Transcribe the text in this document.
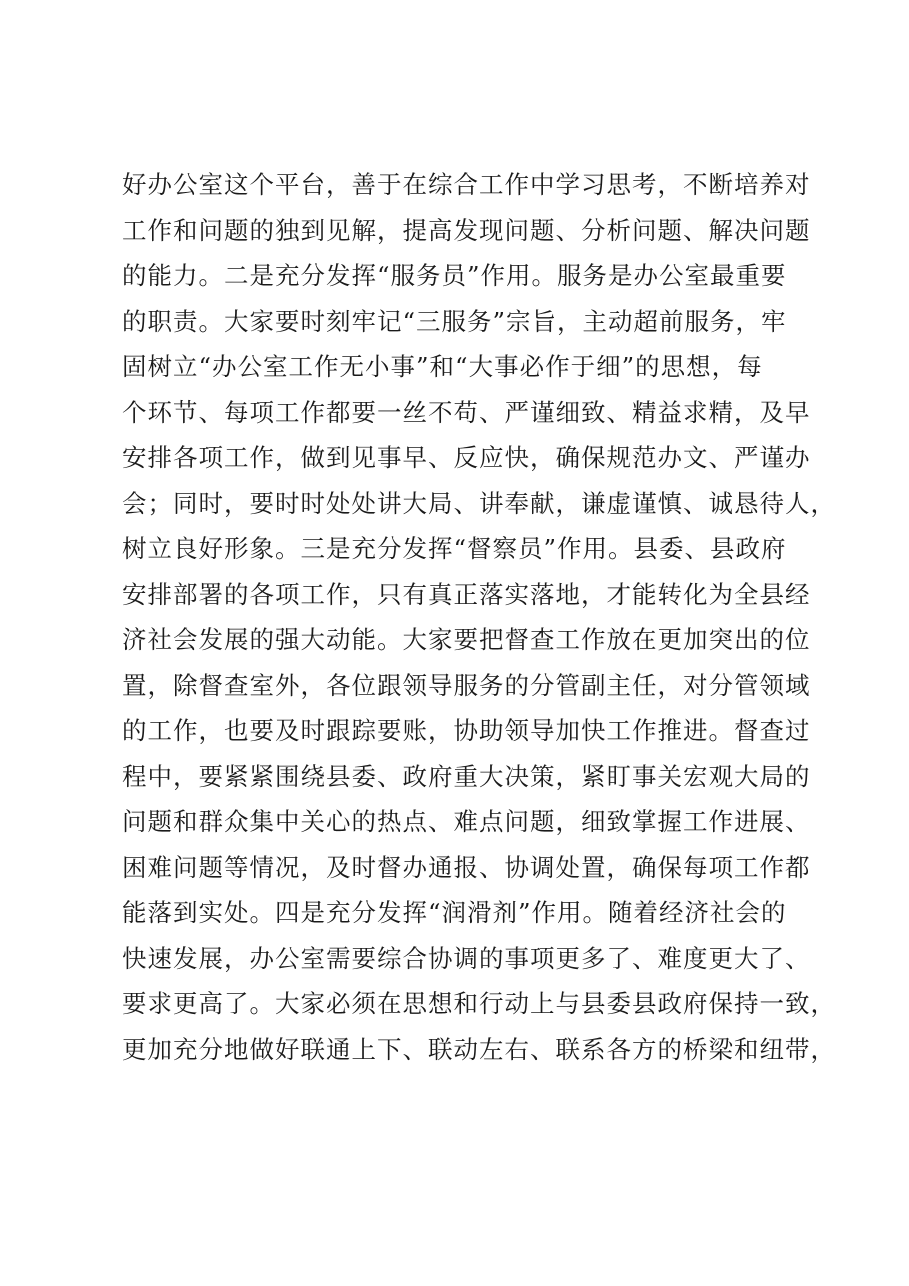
好办公室这个平台，善于在综合工作中学习思考，不断培养对
工作和问题的独到见解，提高发现问题、分析问题、解决问题
的能力。二是充分发挥“服务员”作用。服务是办公室最重要
的职责。大家要时刻牢记“三服务”宗旨，主动超前服务，牢
固树立“办公室工作无小事”和“大事必作于细”的思想，每
个环节、每项工作都要一丝不苟、严谨细致、精益求精，及早
安排各项工作，做到见事早、反应快，确保规范办文、严谨办
会；同时，要时时处处讲大局、讲奉献，谦虚谨慎、诚恳待人，
树立良好形象。三是充分发挥“督察员”作用。县委、县政府
安排部署的各项工作，只有真正落实落地，才能转化为全县经
济社会发展的强大动能。大家要把督查工作放在更加突出的位
置，除督查室外，各位跟领导服务的分管副主任，对分管领域
的工作，也要及时跟踪要账，协助领导加快工作推进。督查过
程中，要紧紧围绕县委、政府重大决策，紧盯事关宏观大局的
问题和群众集中关心的热点、难点问题，细致掌握工作进展、
困难问题等情况，及时督办通报、协调处置，确保每项工作都
能落到实处。四是充分发挥“润滑剂”作用。随着经济社会的
快速发展，办公室需要综合协调的事项更多了、难度更大了、
要求更高了。大家必须在思想和行动上与县委县政府保持一致，
更加充分地做好联通上下、联动左右、联系各方的桥梁和纽带，
